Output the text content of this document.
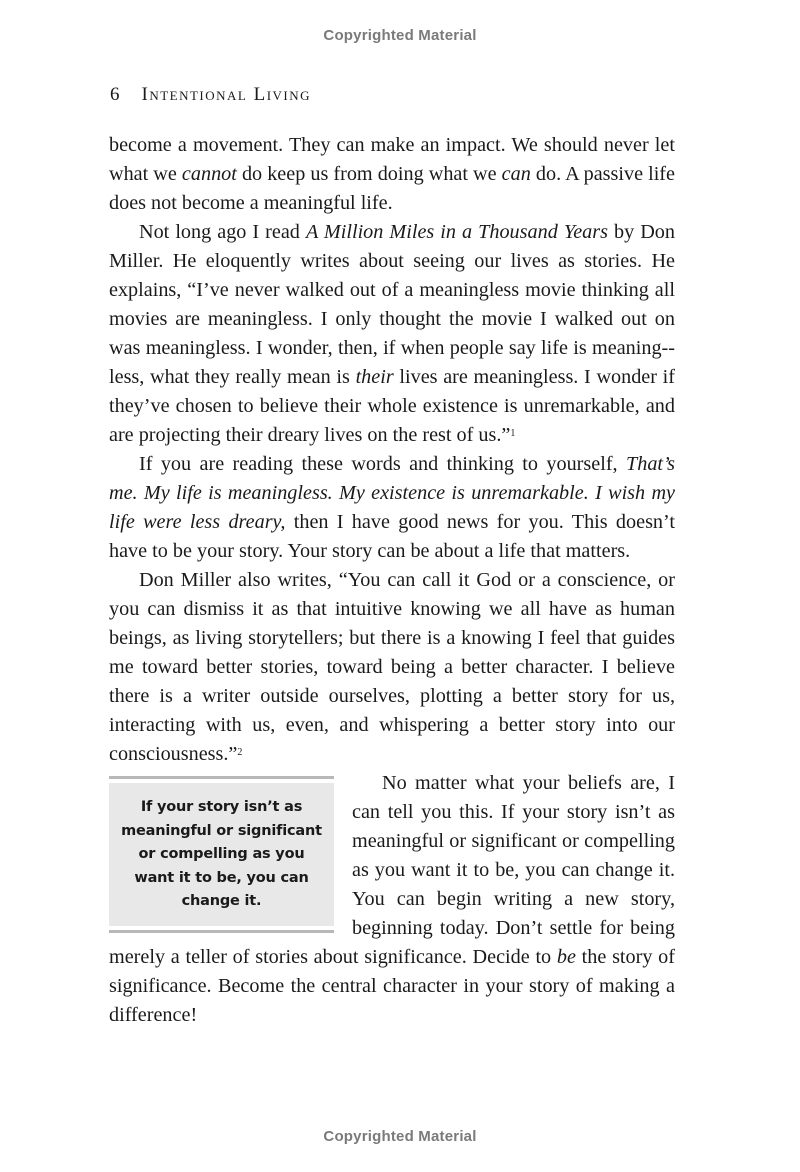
Copyrighted Material
6 Intentional Living

become a movement. They can make an impact. We should never let what we cannot do keep us from doing what we can do. A passive life does not become a meaningful life.

Not long ago I read A Million Miles in a Thousand Years by Don Miller. He eloquently writes about seeing our lives as stories. He explains, “I’ve never walked out of a meaningless movie thinking all movies are meaningless. I only thought the movie I walked out on was meaningless. I wonder, then, if when people say life is meaning-less, what they really mean is their lives are meaningless. I wonder if they’ve chosen to believe their whole existence is unremarkable, and are projecting their dreary lives on the rest of us.”$^1$

If you are reading these words and thinking to yourself, That’s me. My life is meaningless. My existence is unremarkable. I wish my life were less dreary, then I have good news for you. This doesn’t have to be your story. Your story can be about a life that matters.

Don Miller also writes, “You can call it God or a conscience, or you can dismiss it as that intuitive knowing we all have as human beings, as living storytellers; but there is a knowing I feel that guides me toward better stories, toward being a better character. I believe there is a writer outside ourselves, plotting a better story for us, interacting with us, even, and whispering a better story into our consciousness.”$^2$

If your story isn’t as meaningful or significant or compelling as you want it to be, you can change it.

No matter what your beliefs are, I can tell you this. If your story isn’t as meaningful or significant or compelling as you want it to be, you can change it. You can begin writing a new story, beginning today. Don’t settle for being merely a teller of stories about significance. Decide to be the story of significance. Become the central character in your story of making a difference!

Copyrighted Material
